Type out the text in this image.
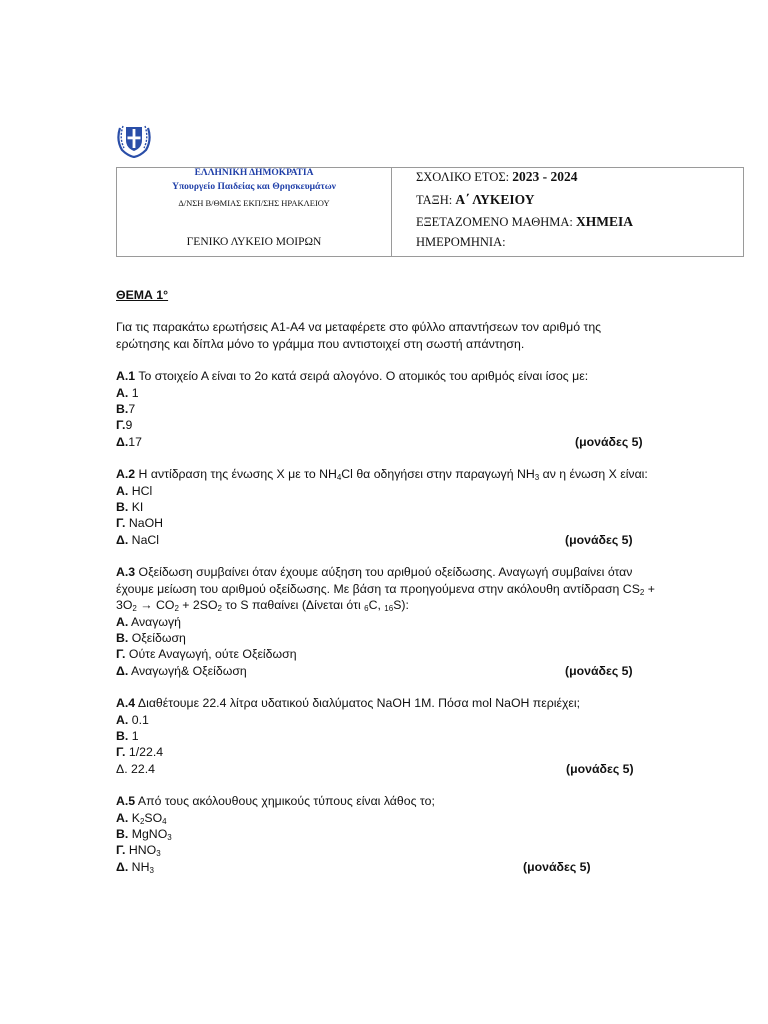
ΕΛΛΗΝΙΚΗ ΔΗΜΟΚΡΑΤΙΑ
Υπουργείο Παιδείας και Θρησκευμάτων
Δ/ΝΣΗ Β/ΘΜΙΑΣ ΕΚΠ/ΣΗΣ ΗΡΑΚΛΕΙΟΥ
ΓΕΝΙΚΟ ΛΥΚΕΙΟ ΜΟΙΡΩΝ
ΣΧΟΛΙΚΟ ΕΤΟΣ: 2023 - 2024
ΤΑΞΗ: Α΄ ΛΥΚΕΙΟΥ
ΕΞΕΤΑΖΟΜΕΝΟ ΜΑΘΗΜΑ: ΧΗΜΕΙΑ
ΗΜΕΡΟΜΗΝΙΑ:

ΘΕΜΑ 1°

Για τις παρακάτω ερωτήσεις Α1-Α4 να μεταφέρετε στο φύλλο απαντήσεων τον αριθμό της ερώτησης και δίπλα μόνο το γράμμα που αντιστοιχεί στη σωστή απάντηση.

Α.1 Το στοιχείο Α είναι το 2ο κατά σειρά αλογόνο. Ο ατομικός του αριθμός είναι ίσος με:

Α. 1
Β.7
Γ.9
Δ.17	(μονάδες 5)

Α.2 Η αντίδραση της ένωσης Χ με το $NH_4Cl$ θα οδηγήσει στην παραγωγή $NH_3$ αν η ένωση Χ είναι:

Α. HCl
Β. KI
Γ. NaOH
Δ. NaCl	(μονάδες 5)

Α.3 Οξείδωση συμβαίνει όταν έχουμε αύξηση του αριθμού οξείδωσης. Αναγωγή συμβαίνει όταν έχουμε μείωση του αριθμού οξείδωσης. Με βάση τα προηγούμενα στην ακόλουθη αντίδραση $CS_2 + 3O_2 \to CO_2 + 2SO_2$ το S παθαίνει (Δίνεται ότι $_6$C, $_{16}$S):

Α. Αναγωγή
Β. Οξείδωση
Γ. Ούτε Αναγωγή, ούτε Οξείδωση
Δ. Αναγωγή& Οξείδωση	(μονάδες 5)

Α.4 Διαθέτουμε 22.4 λίτρα υδατικού διαλύματος NaOH 1M. Πόσα mol NaOH περιέχει;

Α. 0.1
Β. 1
Γ. 1/22.4
Δ. 22.4	(μονάδες 5)

Α.5 Από τους ακόλουθους χημικούς τύπους είναι λάθος το;

Α. $K_2SO_4$
Β. MgNO$_3$
Γ. $HNO_3$
Δ. $NH_3$	(μονάδες 5)
